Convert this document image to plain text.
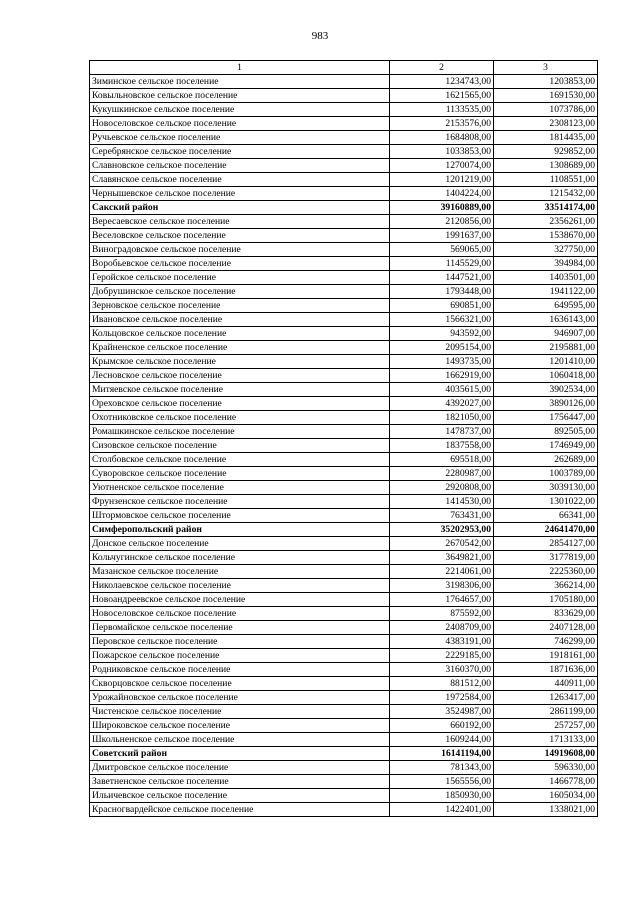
983
1	2	3
Зиминское сельское поселение	1234743,00	1203853,00
Ковыльновское сельское поселение	1621565,00	1691530,00
Кукушкинское сельское поселение	1133535,00	1073786,00
Новоселовское сельское поселение	2153576,00	2308123,00
Ручьевское сельское поселение	1684808,00	1814435,00
Серебрянское сельское поселение	1033853,00	929852,00
Славновское сельское поселение	1270074,00	1308689,00
Славянское сельское поселение	1201219,00	1108551,00
Чернышевское сельское поселение	1404224,00	1215432,00
Сакский район	39160889,00	33514174,00
Вересаевское сельское поселение	2120856,00	2356261,00
Веселовское сельское поселение	1991637,00	1538670,00
Виноградовское сельское поселение	569065,00	327750,00
Воробьевское сельское поселение	1145529,00	394984,00
Геройское сельское поселение	1447521,00	1403501,00
Добрушинское сельское поселение	1793448,00	1941122,00
Зерновское сельское поселение	690851,00	649595,00
Ивановское сельское поселение	1566321,00	1636143,00
Кольцовское сельское поселение	943592,00	946907,00
Крайненское сельское поселение	2095154,00	2195881,00
Крымское сельское поселение	1493735,00	1201410,00
Лесновское сельское поселение	1662919,00	1060418,00
Митяевское сельское поселение	4035615,00	3902534,00
Ореховское сельское поселение	4392027,00	3890126,00
Охотниковское сельское поселение	1821050,00	1756447,00
Ромашкинское сельское поселение	1478737,00	892505,00
Сизовское сельское поселение	1837558,00	1746949,00
Столбовское сельское поселение	695518,00	262689,00
Суворовское сельское поселение	2280987,00	1003789,00
Уютненское сельское поселение	2920808,00	3039130,00
Фрунзенское сельское поселение	1414530,00	1301022,00
Штормовское сельское поселение	763431,00	66341,00
Симферопольский район	35202953,00	24641470,00
Донское сельское поселение	2670542,00	2854127,00
Кольчугинское сельское поселение	3649821,00	3177819,00
Мазанское сельское поселение	2214061,00	2225360,00
Николаевское сельское поселение	3198306,00	366214,00
Новоандреевское сельское поселение	1764657,00	1705180,00
Новоселовское сельское поселение	875592,00	833629,00
Первомайское сельское поселение	2408709,00	2407128,00
Перовское сельское поселение	4383191,00	746299,00
Пожарское сельское поселение	2229185,00	1918161,00
Родниковское сельское поселение	3160370,00	1871636,00
Скворцовское сельское поселение	881512,00	440911,00
Урожайновское сельское поселение	1972584,00	1263417,00
Чистенское сельское поселение	3524987,00	2861199,00
Широковское сельское поселение	660192,00	257257,00
Школьненское сельское поселение	1609244,00	1713133,00
Советский район	16141194,00	14919608,00
Дмитровское сельское поселение	781343,00	596330,00
Заветненское сельское поселение	1565556,00	1466778,00
Ильичевское сельское поселение	1850930,00	1605034,00
Красногвардейское сельское поселение	1422401,00	1338021,00
